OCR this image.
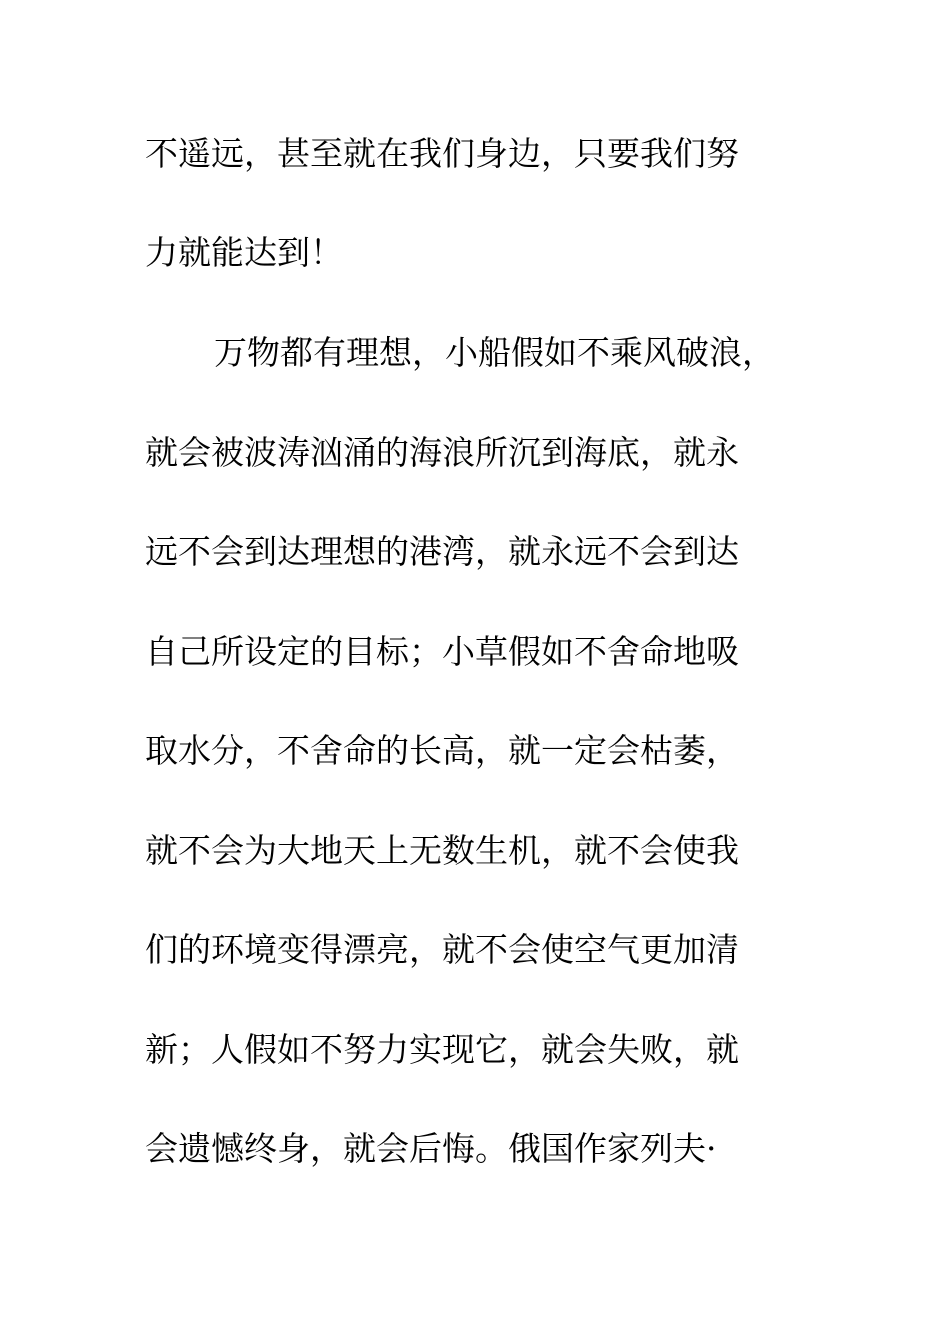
不遥远，甚至就在我们身边，只要我们努
力就能达到！
万物都有理想，小船假如不乘风破浪，
就会被波涛汹涌的海浪所沉到海底，就永
远不会到达理想的港湾，就永远不会到达
自己所设定的目标；小草假如不舍命地吸
取水分，不舍命的长高，就一定会枯萎，
就不会为大地天上无数生机，就不会使我
们的环境变得漂亮，就不会使空气更加清
新；人假如不努力实现它，就会失败，就
会遗憾终身，就会后悔。俄国作家列夫·
